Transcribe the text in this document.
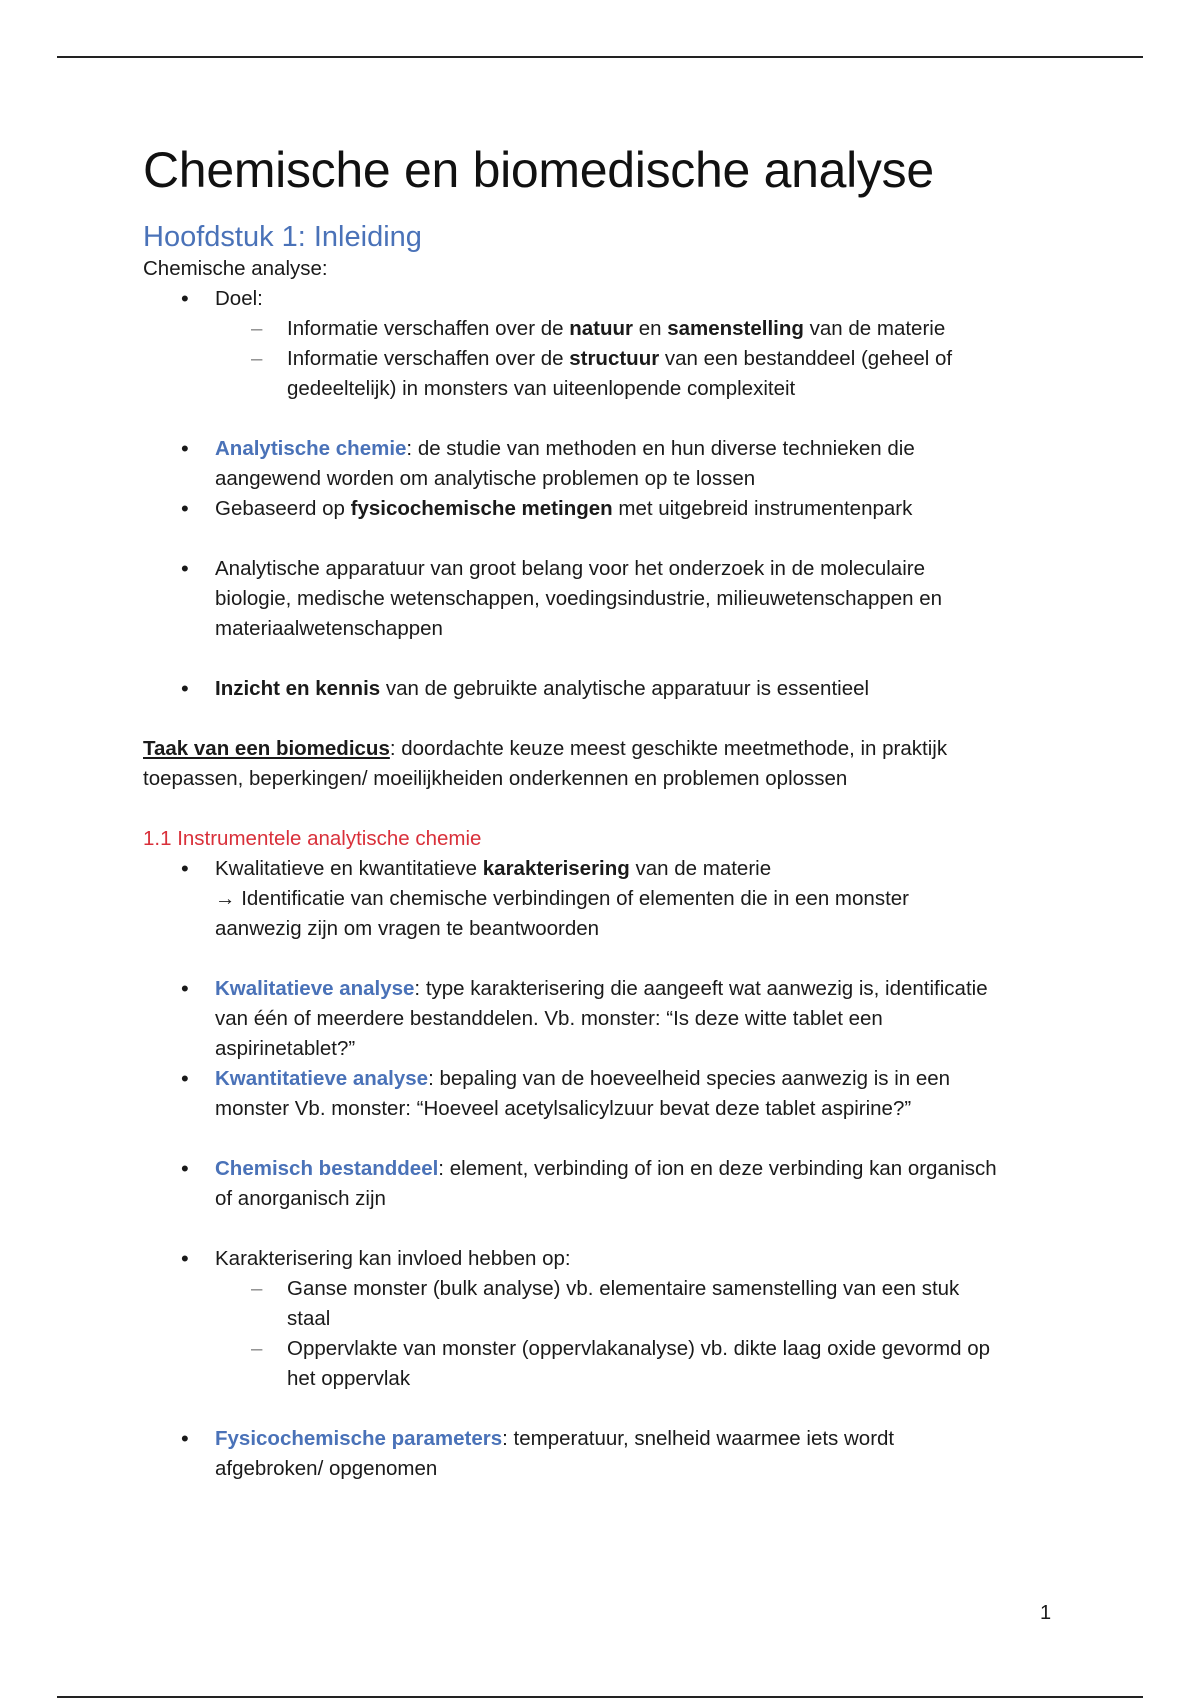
Chemische en biomedische analyse
Hoofdstuk 1: Inleiding

Chemische analyse:

• Doel:
– Informatie verschaffen over de natuur en samenstelling van de materie
– Informatie verschaffen over de structuur van een bestanddeel (geheel of
gedeeltelijk) in monsters van uiteenlopende complexiteit
• Analytische chemie: de studie van methoden en hun diverse technieken die
aangewend worden om analytische problemen op te lossen
• Gebaseerd op fysicochemische metingen met uitgebreid instrumentenpark
• Analytische apparatuur van groot belang voor het onderzoek in de moleculaire
biologie, medische wetenschappen, voedingsindustrie, milieuwetenschappen en
materiaalwetenschappen
• Inzicht en kennis van de gebruikte analytische apparatuur is essentieel

Taak van een biomedicus: doordachte keuze meest geschikte meetmethode, in praktijk
toepassen, beperkingen/ moeilijkheiden onderkennen en problemen oplossen

1.1 Instrumentele analytische chemie
• Kwalitatieve en kwantitatieve karakterisering van de materie
→ Identificatie van chemische verbindingen of elementen die in een monster
aanwezig zijn om vragen te beantwoorden
• Kwalitatieve analyse: type karakterisering die aangeeft wat aanwezig is, identificatie
van één of meerdere bestanddelen. Vb. monster: “Is deze witte tablet een
aspirinetablet?”
• Kwantitatieve analyse: bepaling van de hoeveelheid species aanwezig is in een
monster Vb. monster: “Hoeveel acetylsalicylzuur bevat deze tablet aspirine?”
• Chemisch bestanddeel: element, verbinding of ion en deze verbinding kan organisch
of anorganisch zijn
• Karakterisering kan invloed hebben op:
– Ganse monster (bulk analyse) vb. elementaire samenstelling van een stuk
staal
– Oppervlakte van monster (oppervlakanalyse) vb. dikte laag oxide gevormd op
het oppervlak
• Fysicochemische parameters: temperatuur, snelheid waarmee iets wordt
afgebroken/ opgenomen
1
